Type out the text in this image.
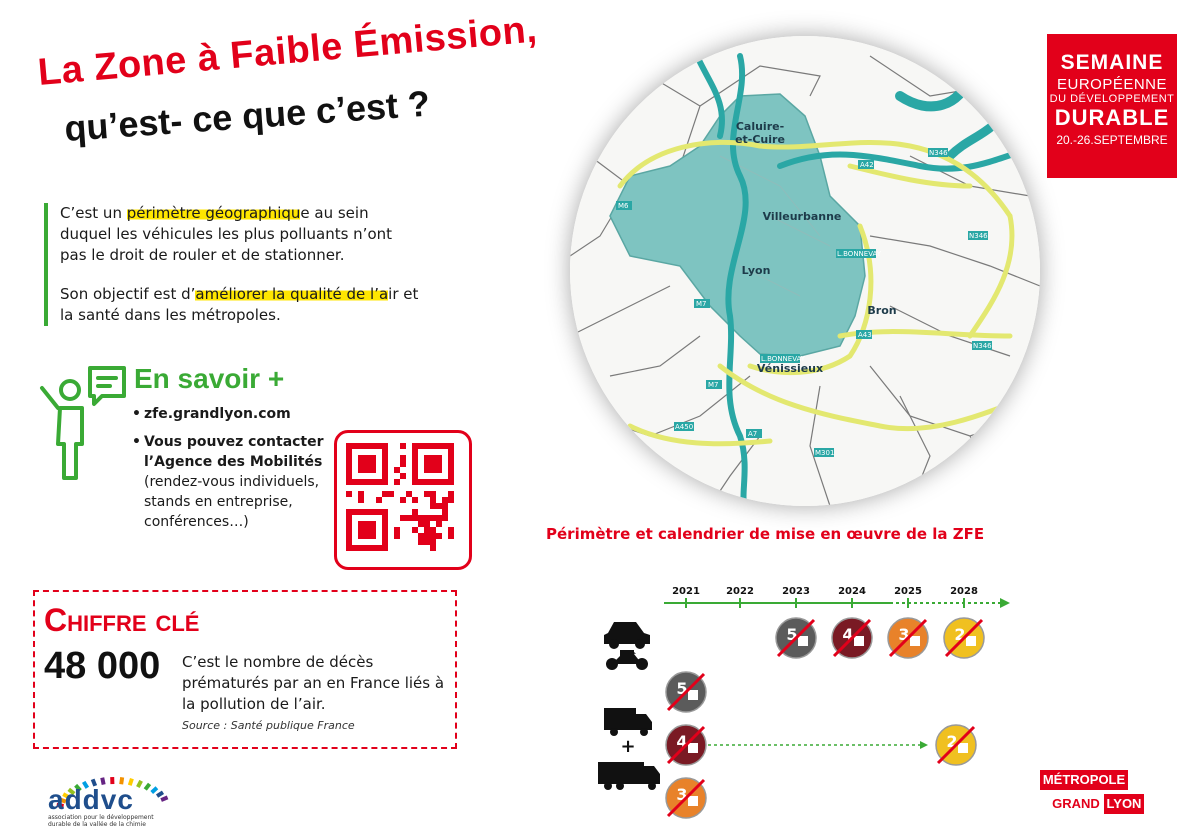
La Zone à Faible Émission,
qu’est- ce que c’est ?

C’est un périmètre géographique au sein duquel les véhicules les plus polluants n’ont pas le droit de rouler et de stationner.

Son objectif est d’améliorer la qualité de l’air et la santé dans les métropoles.

En savoir +
• zfe.grandlyon.com
• Vous pouvez contacter l’Agence des Mobilités
(rendez-vous individuels, stands en entreprise, conférences…)
Chiffre clé
48 000 C’est le nombre de décès prématurés par an en France liés à la pollution de l’air.
Source : Santé publique France
SEMAINE
EUROPÉENNE
DU DÉVELOPPEMENT
DURABLE
20.-26.SEPTEMBRE
A42
N346
M6
N346
L.BONNEVAY
A43
N346
M7
L.BONNEVAY
M7
A450
A7
M301
Caluire-et-Cuire
Villeurbanne
Lyon
Bron
Vénissieux
Périmètre et calendrier de mise en œuvre de la ZFE
2021	2022	2023	2024	2025	2028
+
5	4	3	2
5
4
3
2
addvc
association pour le développement durable de la vallée de la chimie
MÉTROPOLE
GRAND LYON
